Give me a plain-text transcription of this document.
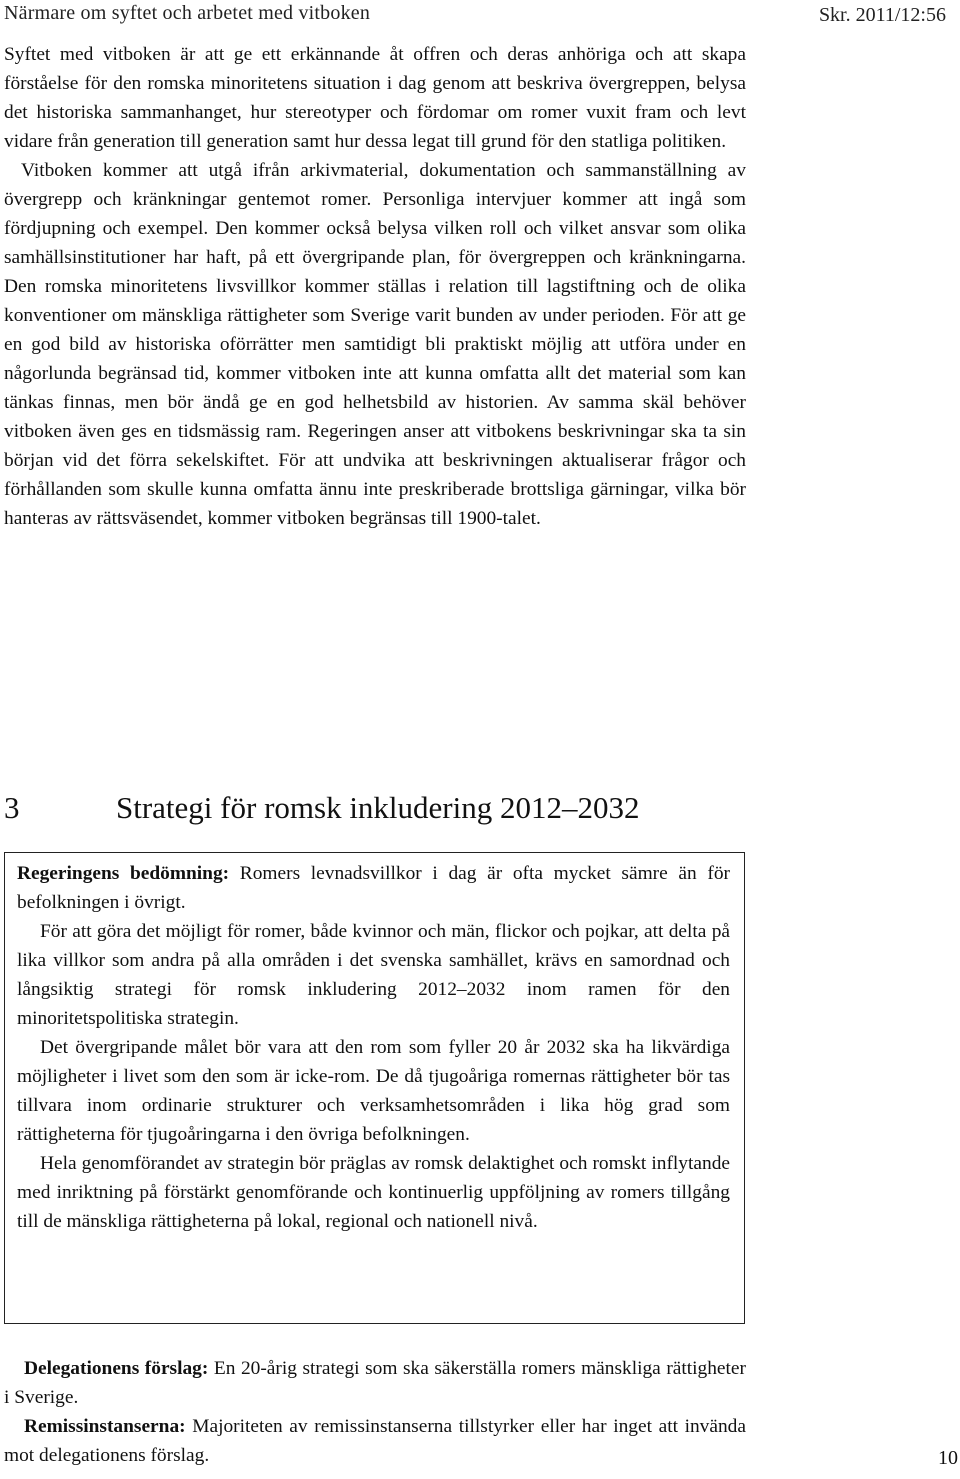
Närmare om syftet och arbetet med vitboken	Skr. 2011/12:56

Syftet med vitboken är att ge ett erkännande åt offren och deras anhöriga och att skapa förståelse för den romska minoritetens situation i dag genom att beskriva övergreppen, belysa det historiska sammanhanget, hur stereotyper och fördomar om romer vuxit fram och levt vidare från generation till generation samt hur dessa legat till grund för den statliga politiken.

Vitboken kommer att utgå ifrån arkivmaterial, dokumentation och sammanställning av övergrepp och kränkningar gentemot romer. Personliga intervjuer kommer att ingå som fördjupning och exempel. Den kommer också belysa vilken roll och vilket ansvar som olika samhällsinstitutioner har haft, på ett övergripande plan, för övergreppen och kränkningarna. Den romska minoritetens livsvillkor kommer ställas i relation till lagstiftning och de olika konventioner om mänskliga rättigheter som Sverige varit bunden av under perioden. För att ge en god bild av historiska oförrätter men samtidigt bli praktiskt möjlig att utföra under en någorlunda begränsad tid, kommer vitboken inte att kunna omfatta allt det material som kan tänkas finnas, men bör ändå ge en god helhetsbild av historien. Av samma skäl behöver vitboken även ges en tidsmässig ram. Regeringen anser att vitbokens beskrivningar ska ta sin början vid det förra sekelskiftet. För att undvika att beskrivningen aktualiserar frågor och förhållanden som skulle kunna omfatta ännu inte preskriberade brottsliga gärningar, vilka bör hanteras av rättsväsendet, kommer vitboken begränsas till 1900-talet.

3	Strategi för romsk inkludering 2012–2032

Regeringens bedömning: Romers levnadsvillkor i dag är ofta mycket sämre än för befolkningen i övrigt.

För att göra det möjligt för romer, både kvinnor och män, flickor och pojkar, att delta på lika villkor som andra på alla områden i det svenska samhället, krävs en samordnad och långsiktig strategi för romsk inkludering 2012–2032 inom ramen för den minoritetspolitiska strategin.

Det övergripande målet bör vara att den rom som fyller 20 år 2032 ska ha likvärdiga möjligheter i livet som den som är icke-rom. De då tjugoåriga romernas rättigheter bör tas tillvara inom ordinarie strukturer och verksamhetsområden i lika hög grad som rättigheterna för tjugoåringarna i den övriga befolkningen.

Hela genomförandet av strategin bör präglas av romsk delaktighet och romskt inflytande med inriktning på förstärkt genomförande och kontinuerlig uppföljning av romers tillgång till de mänskliga rättigheterna på lokal, regional och nationell nivå.

Delegationens förslag: En 20-årig strategi som ska säkerställa romers mänskliga rättigheter i Sverige.

Remissinstanserna: Majoriteten av remissinstanserna tillstyrker eller har inget att invända mot delegationens förslag.	10
